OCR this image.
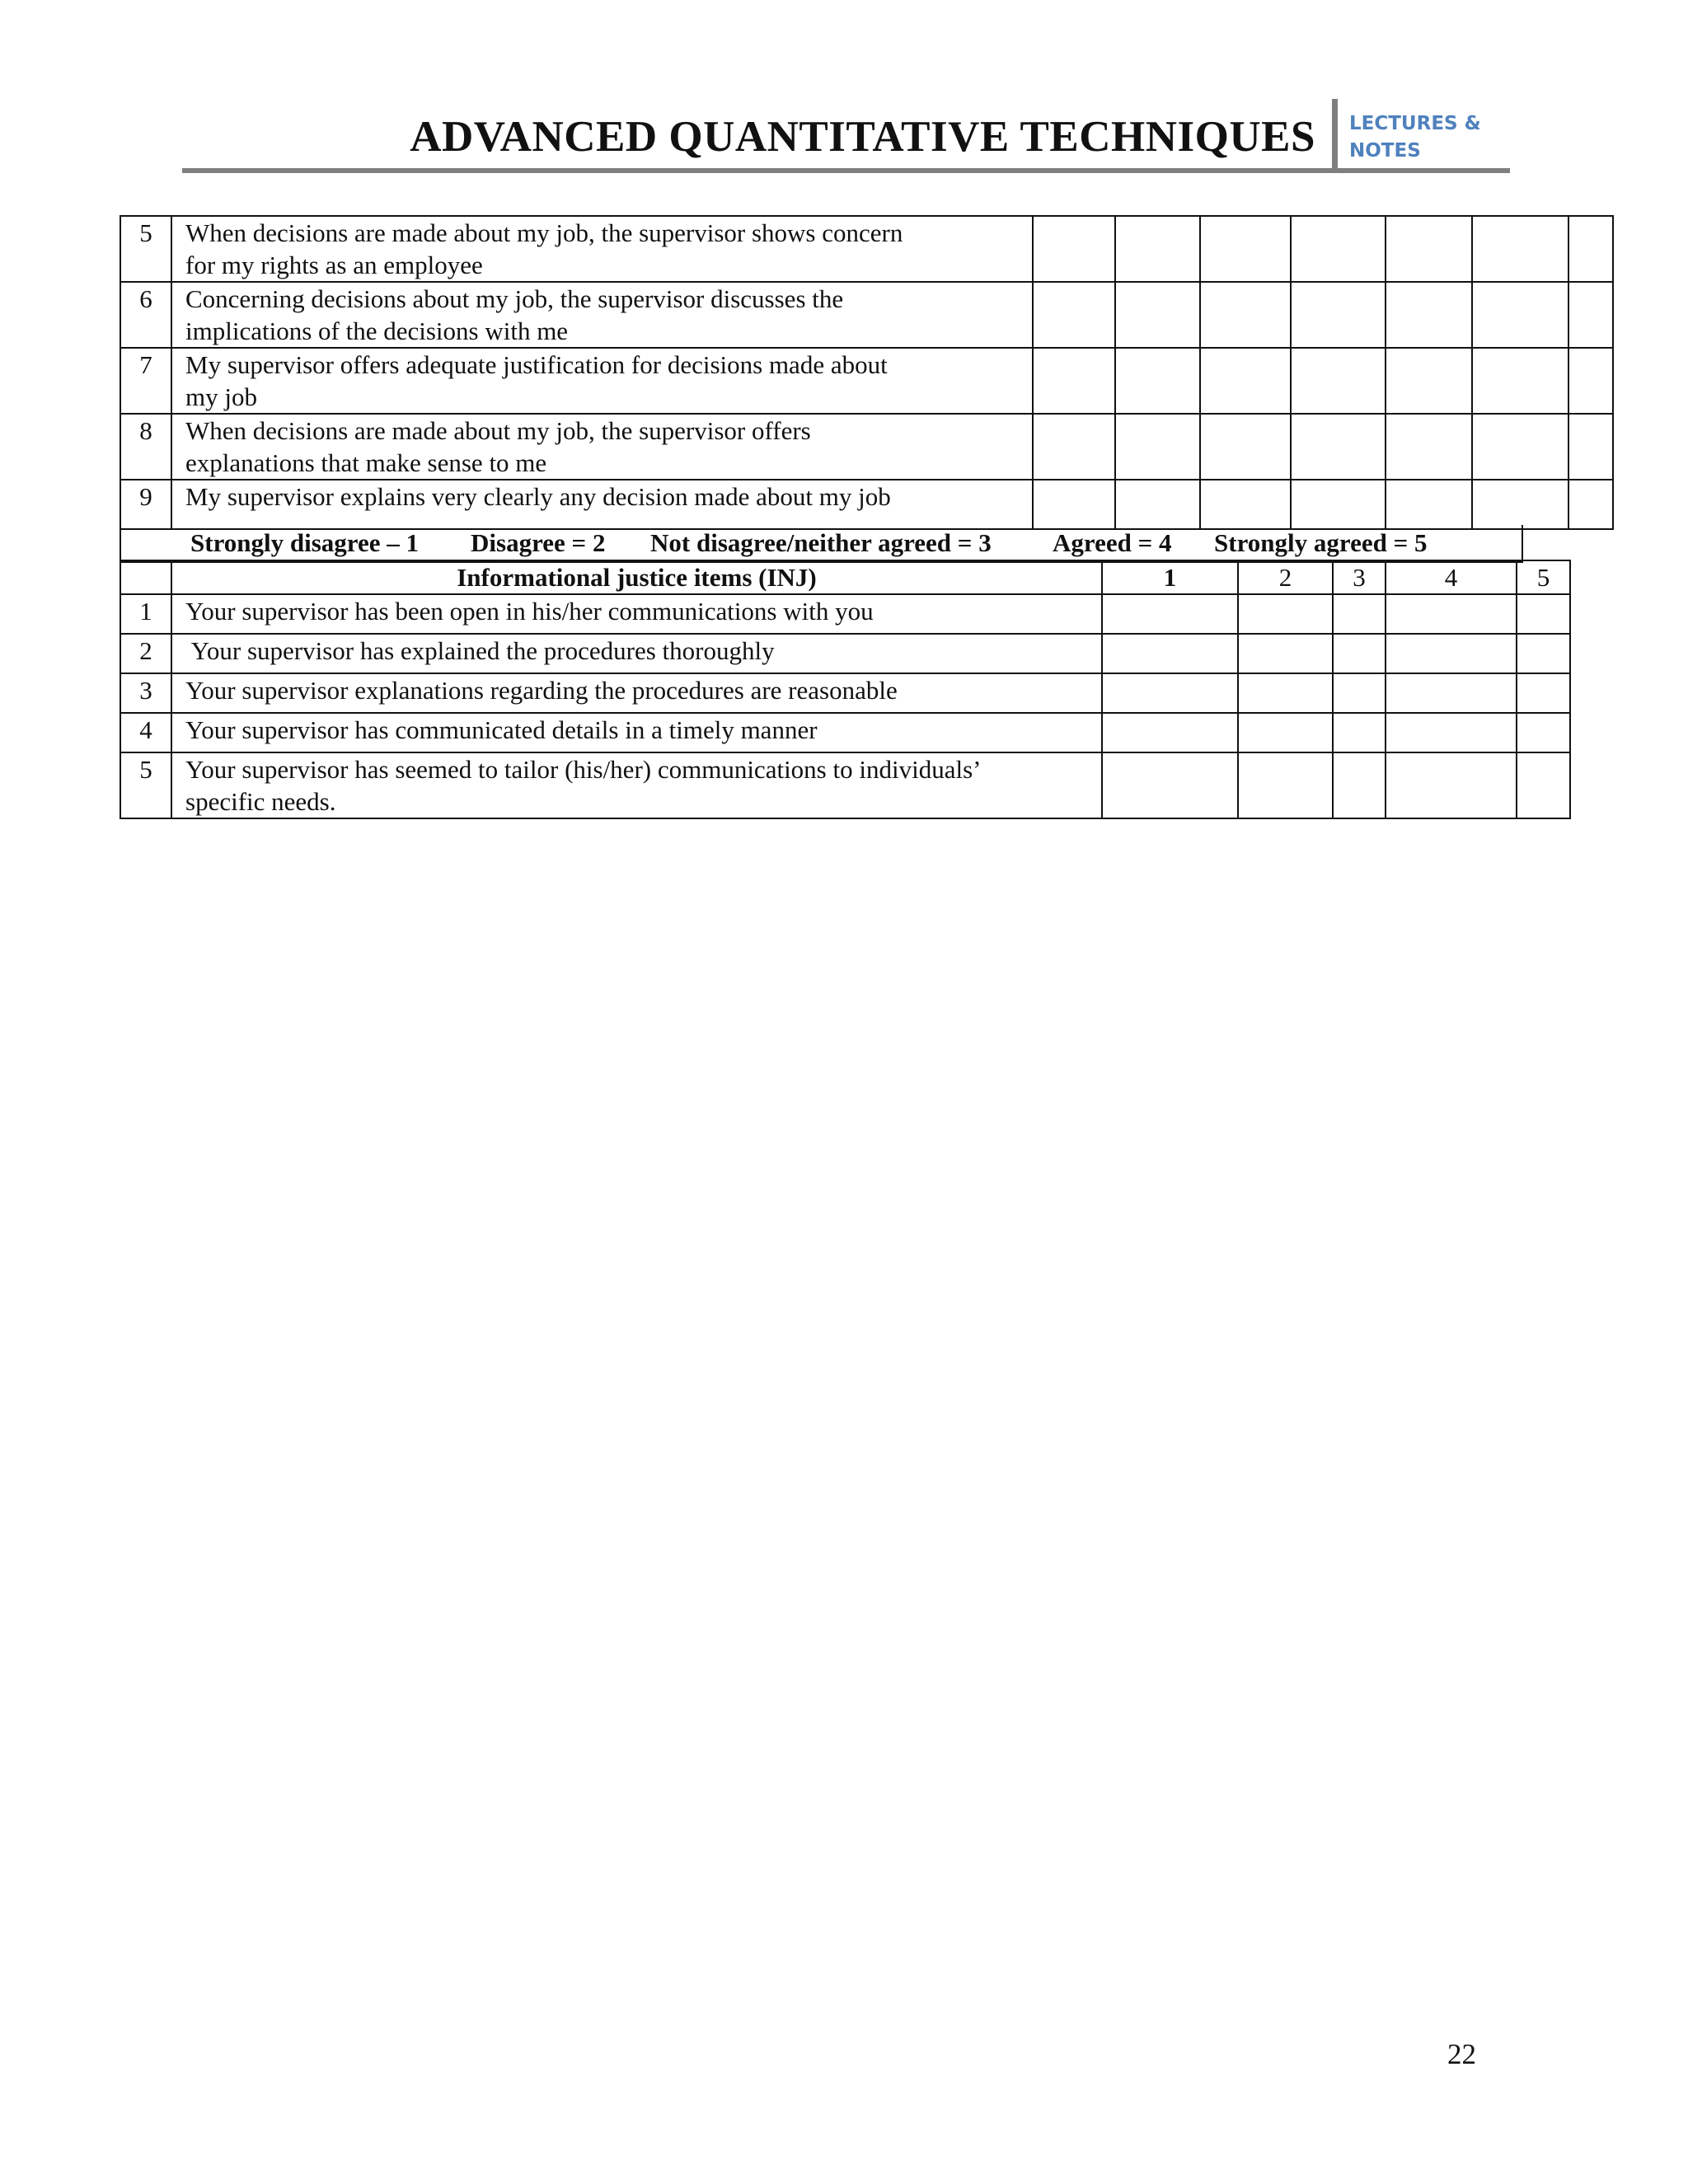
ADVANCED QUANTITATIVE TECHNIQUES LECTURES &
NOTES
5	When decisions are made about my job, the supervisor shows concern
for my rights as an employee							

6	Concerning decisions about my job, the supervisor discusses the
implications of the decisions with me							

7	My supervisor offers adequate justification for decisions made about
my job							

8	When decisions are made about my job, the supervisor offers
explanations that make sense to me							

9	My supervisor explains very clearly any decision made about my job							

Strongly disagree – 1 Disagree = 2 Not disagree/neither agreed = 3 Agreed = 4 Strongly agreed = 5
	Informational justice items (INJ)	1	2	3	4	5
1	Your supervisor has been open in his/her communications with you					

2	Your supervisor has explained the procedures thoroughly					

3	Your supervisor explanations regarding the procedures are reasonable					

4	Your supervisor has communicated details in a timely manner					

5	Your supervisor has seemed to tailor (his/her) communications to individuals’
specific needs.					

22
